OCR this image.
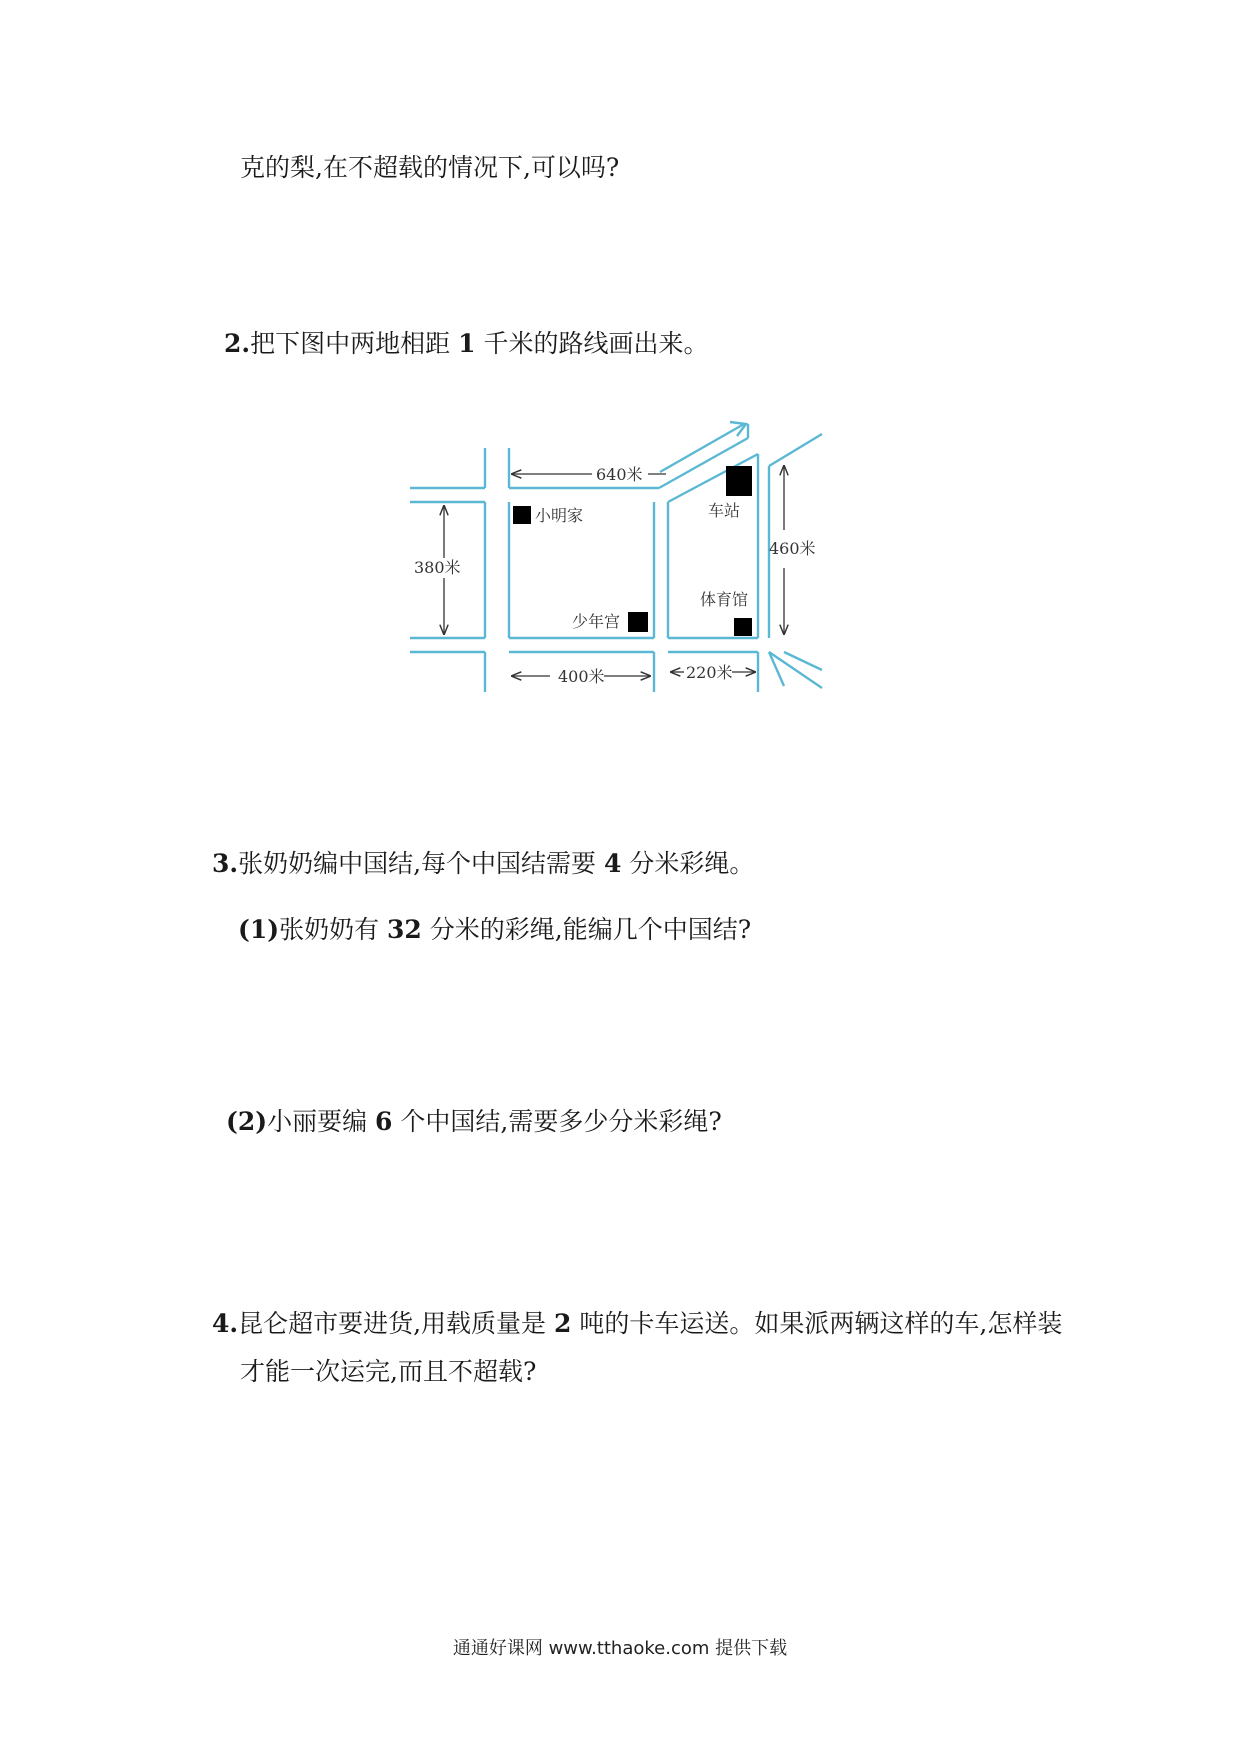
克的梨,在不超载的情况下,可以吗?

2.把下图中两地相距 1 千米的路线画出来。

小明家	车站
少年宫
体育馆
640米
380米
460米
400米	220米

3.张奶奶编中国结,每个中国结需要 4 分米彩绳。

(1)张奶奶有 32 分米的彩绳,能编几个中国结?

(2)小丽要编 6 个中国结,需要多少分米彩绳?

4.昆仑超市要进货,用载质量是 2 吨的卡车运送。如果派两辆这样的车,怎样装

才能一次运完,而且不超载?

通通好课网 www.tthaoke.com 提供下载
